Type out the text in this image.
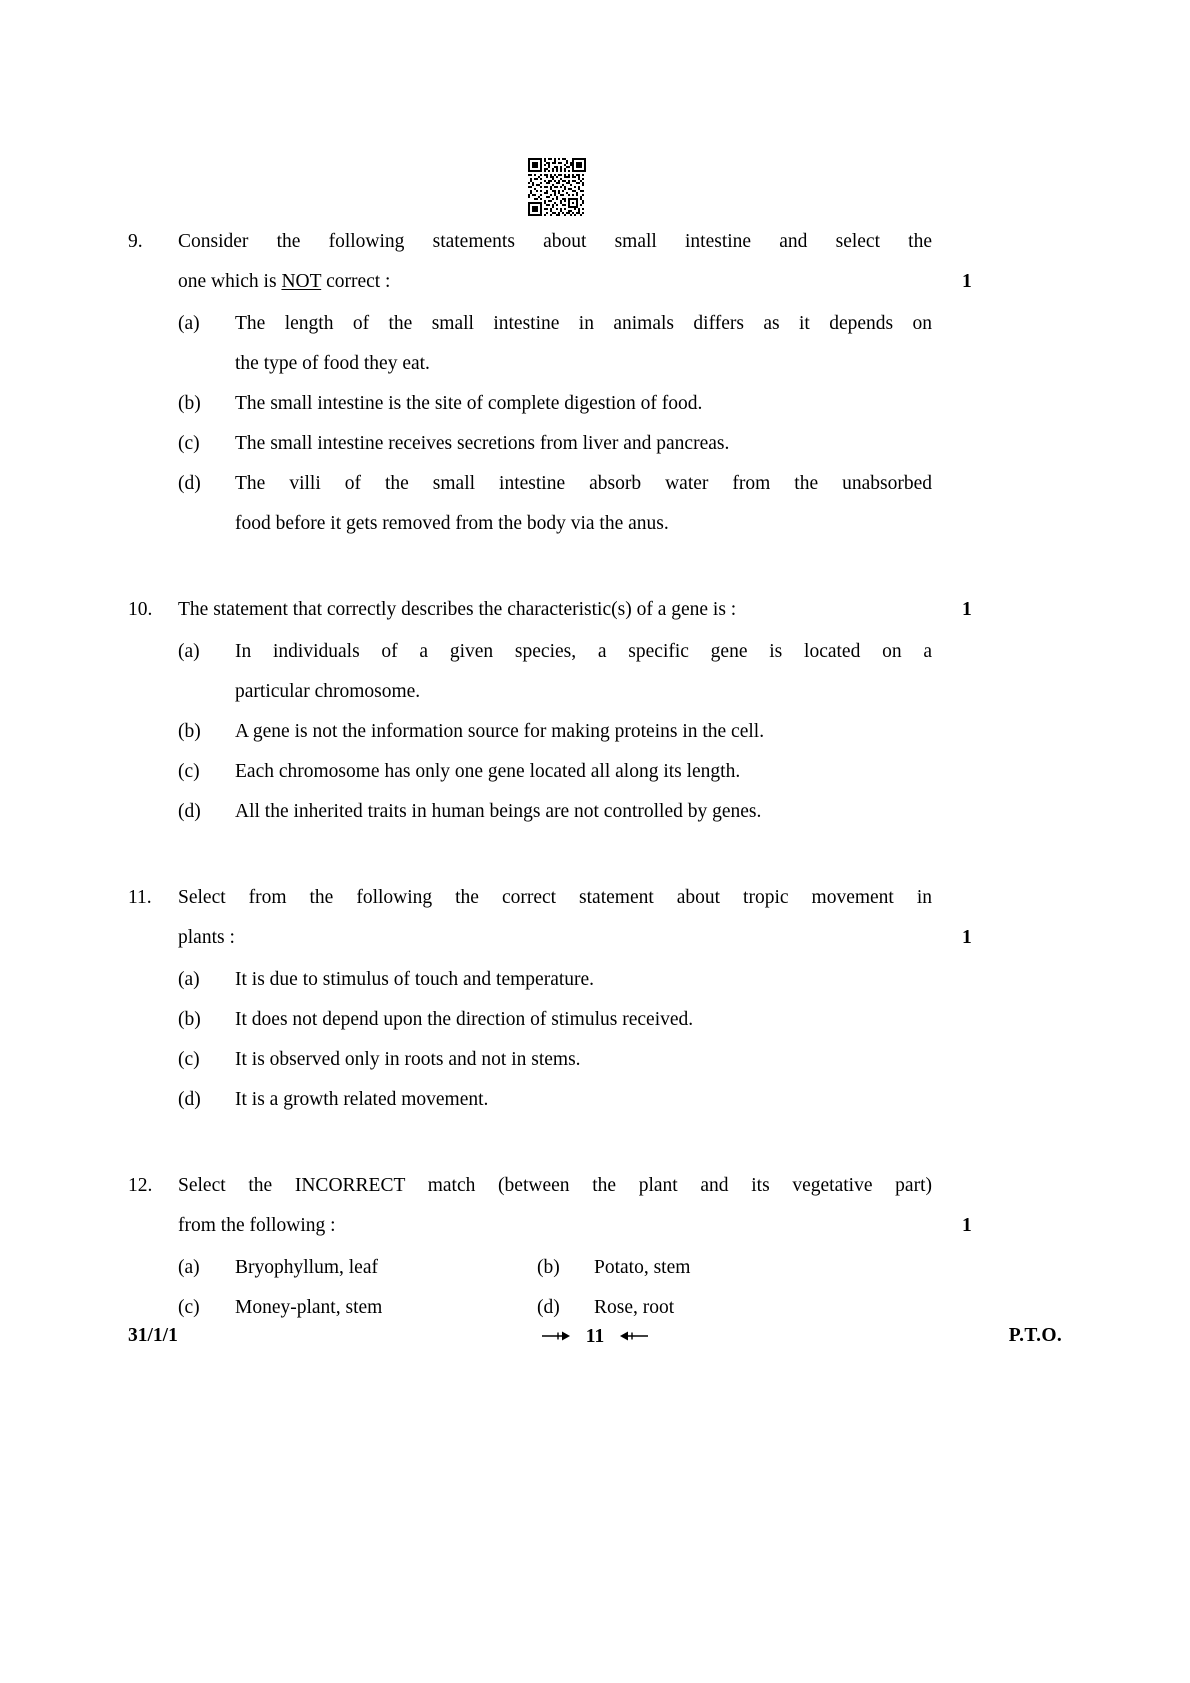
9.	Consider the following statements about small intestine and select the
one which is NOT correct :	1
(a)	The length of the small intestine in animals differs as it depends on
the type of food they eat.
(b)	The small intestine is the site of complete digestion of food.
(c)	The small intestine receives secretions from liver and pancreas.
(d)	The villi of the small intestine absorb water from the unabsorbed
food before it gets removed from the body via the anus.
10.	The statement that correctly describes the characteristic(s) of a gene is :	1
(a)	In individuals of a given species, a specific gene is located on a
particular chromosome.
(b)	A gene is not the information source for making proteins in the cell.
(c)	Each chromosome has only one gene located all along its length.
(d)	All the inherited traits in human beings are not controlled by genes.
11.	Select from the following the correct statement about tropic movement in
plants :	1
(a)	It is due to stimulus of touch and temperature.
(b)	It does not depend upon the direction of stimulus received.
(c)	It is observed only in roots and not in stems.
(d)	It is a growth related movement.
12.	Select the INCORRECT match (between the plant and its vegetative part)
from the following :	1
(a)	Bryophyllum, leaf	(b)	Potato, stem
(c)	Money-plant, stem	(d)	Rose, root
31/1/1	11	P.T.O.
